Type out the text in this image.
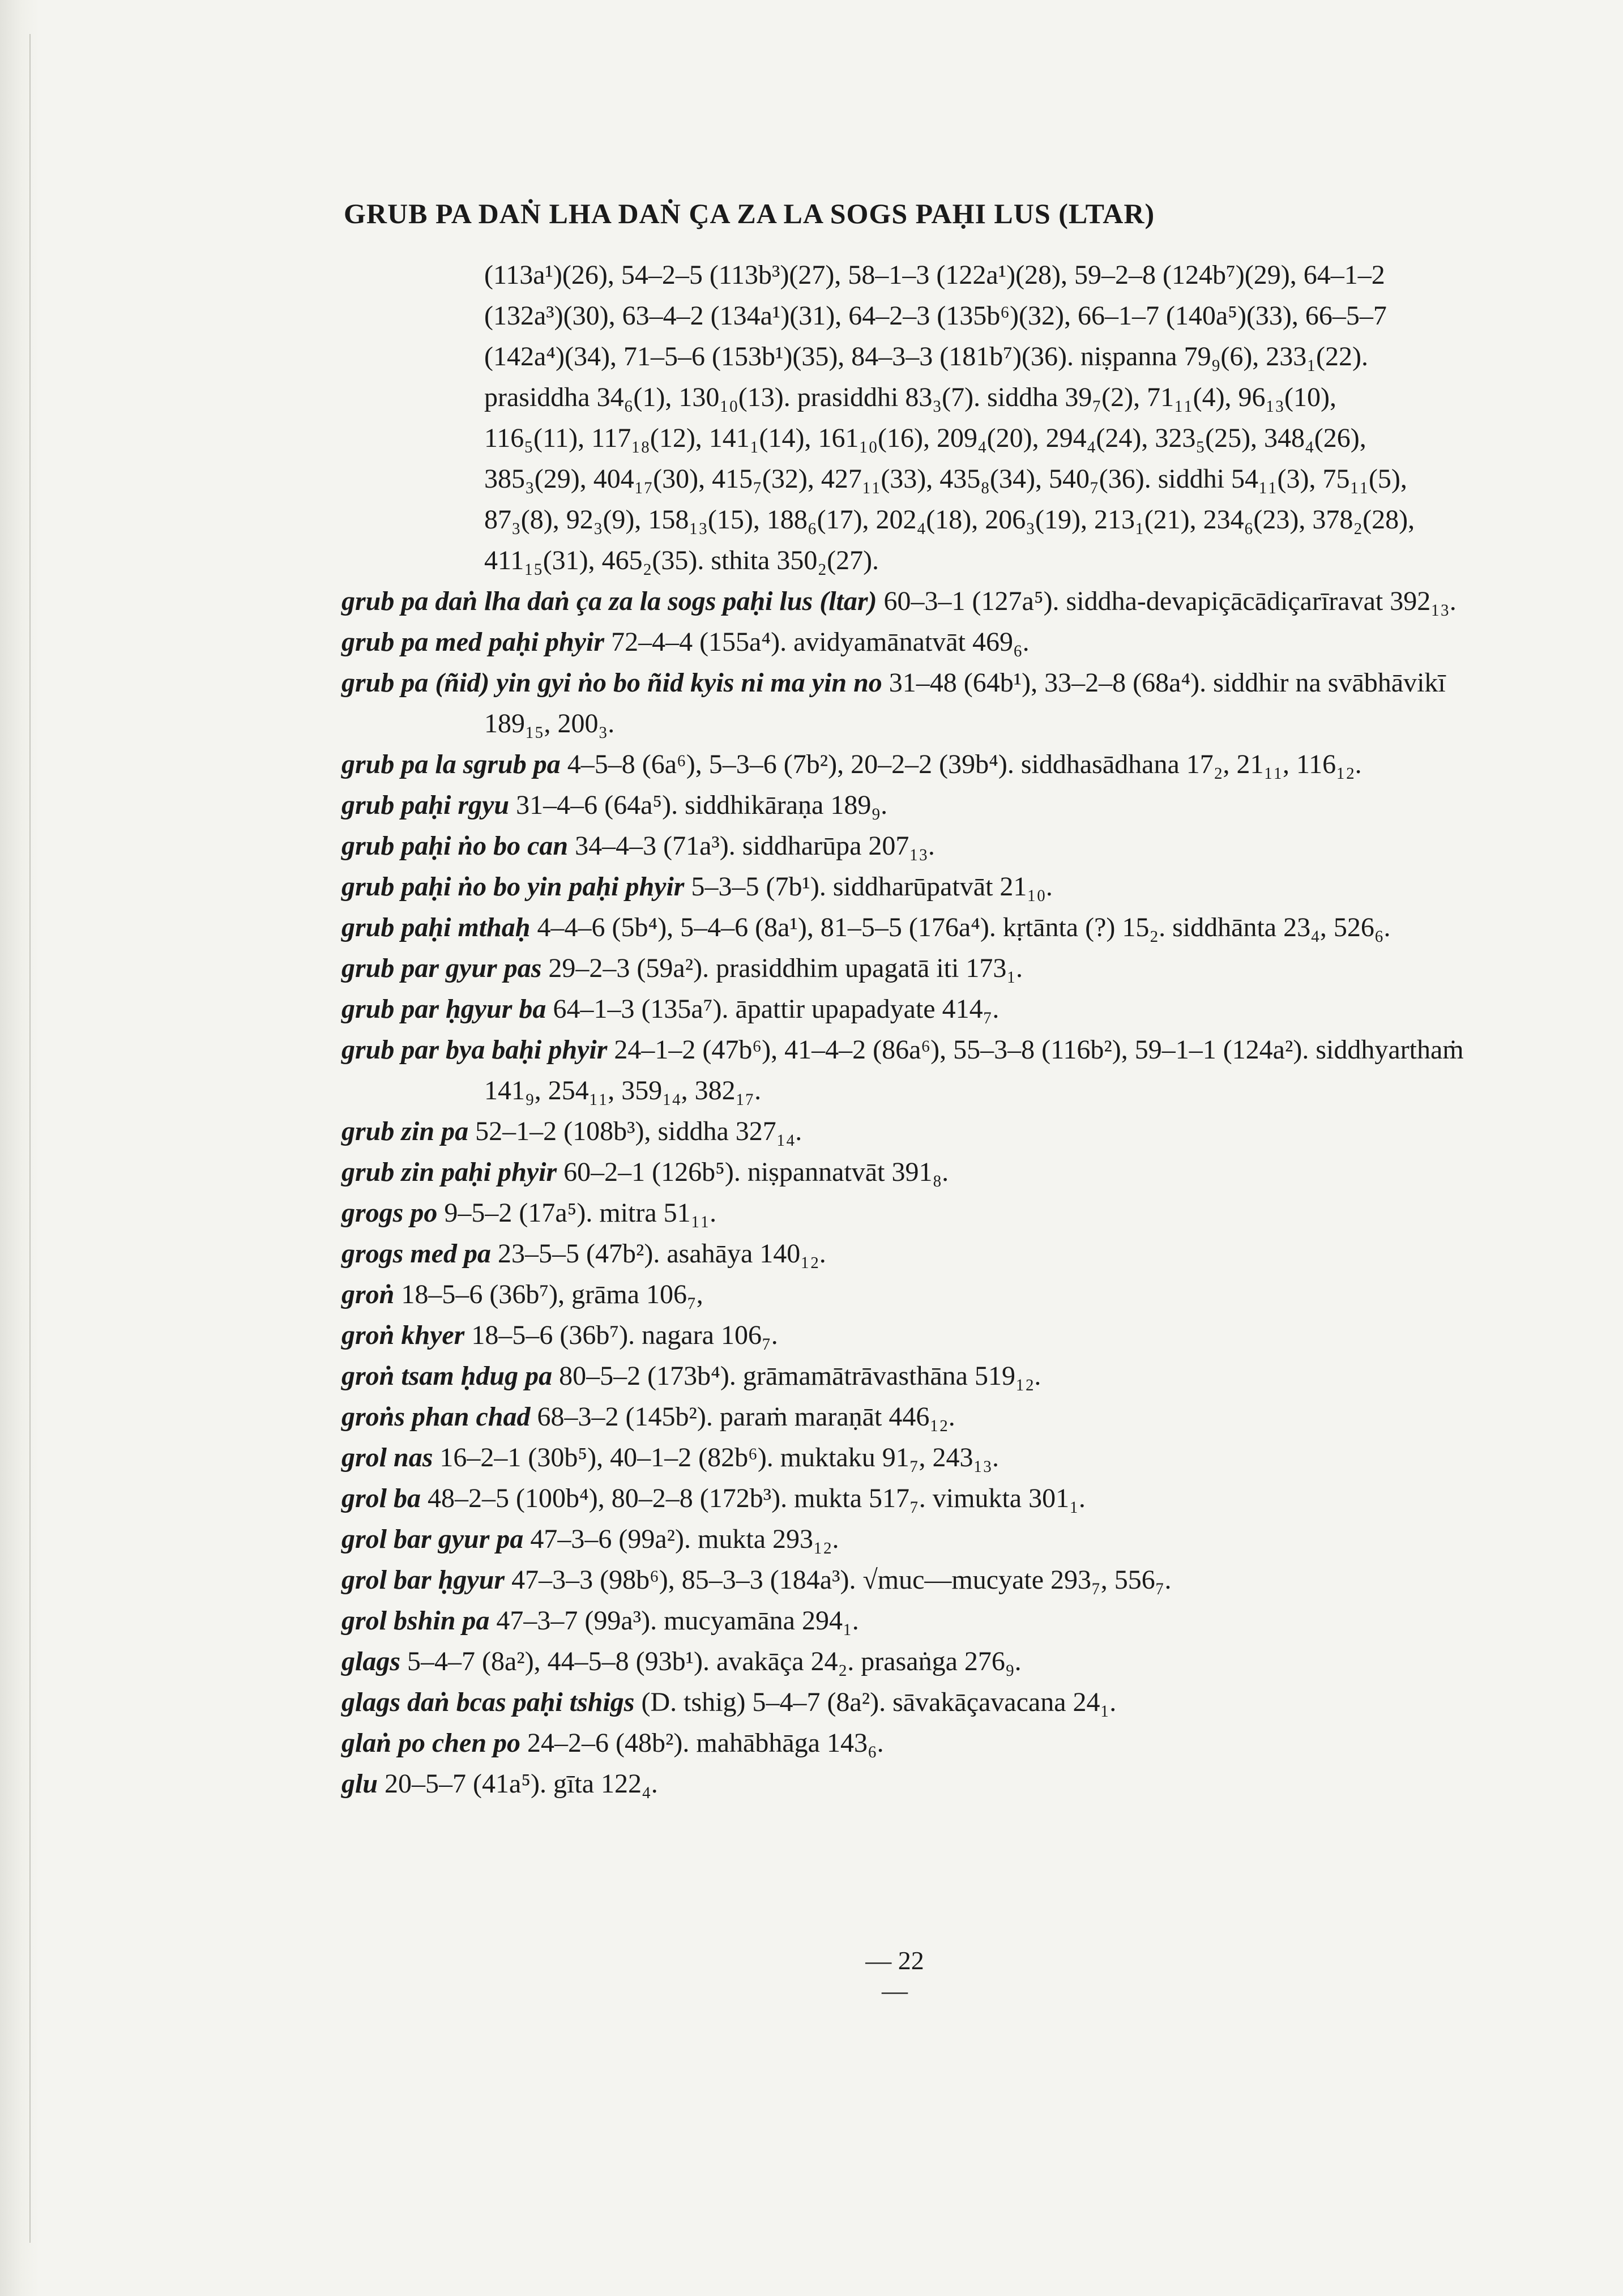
GRUB PA DAṄ LHA DAṄ ÇA ZA LA SOGS PAḤI LUS (LTAR)
(113a¹)(26), 54–2–5 (113b³)(27), 58–1–3 (122a¹)(28), 59–2–8 (124b⁷)(29), 64–1–2
(132a³)(30), 63–4–2 (134a¹)(31), 64–2–3 (135b⁶)(32), 66–1–7 (140a⁵)(33), 66–5–7
(142a⁴)(34), 71–5–6 (153b¹)(35), 84–3–3 (181b⁷)(36). niṣpanna 79₉(6), 233₁(22).
prasiddha 34₆(1), 130₁₀(13). prasiddhi 83₃(7). siddha 39₇(2), 71₁₁(4), 96₁₃(10),
116₅(11), 117₁₈(12), 141₁(14), 161₁₀(16), 209₄(20), 294₄(24), 323₅(25), 348₄(26),
385₃(29), 404₁₇(30), 415₇(32), 427₁₁(33), 435₈(34), 540₇(36). siddhi 54₁₁(3), 75₁₁(5),
87₃(8), 92₃(9), 158₁₃(15), 188₆(17), 202₄(18), 206₃(19), 213₁(21), 234₆(23), 378₂(28),
411₁₅(31), 465₂(35). sthita 350₂(27).
grub pa daṅ lha daṅ ça za la sogs paḥi lus (ltar) 60–3–1 (127a⁵). siddha-devapiçācādiçarīravat 392₁₃.
grub pa med paḥi phyir 72–4–4 (155a⁴). avidyamānatvāt 469₆.
grub pa (ñid) yin gyi ṅo bo ñid kyis ni ma yin no 31–48 (64b¹), 33–2–8 (68a⁴). siddhir na svābhāvikī 189₁₅, 200₃.
grub pa la sgrub pa 4–5–8 (6a⁶), 5–3–6 (7b²), 20–2–2 (39b⁴). siddhasādhana 17₂, 21₁₁, 116₁₂.
grub paḥi rgyu 31–4–6 (64a⁵). siddhikāraṇa 189₉.
grub paḥi ṅo bo can 34–4–3 (71a³). siddharūpa 207₁₃.
grub paḥi ṅo bo yin paḥi phyir 5–3–5 (7b¹). siddharūpatvāt 21₁₀.
grub paḥi mthaḥ 4–4–6 (5b⁴), 5–4–6 (8a¹), 81–5–5 (176a⁴). kṛtānta (?) 15₂. siddhānta 23₄, 526₆.
grub par gyur pas 29–2–3 (59a²). prasiddhim upagatā iti 173₁.
grub par ḥgyur ba 64–1–3 (135a⁷). āpattir upapadyate 414₇.
grub par bya baḥi phyir 24–1–2 (47b⁶), 41–4–2 (86a⁶), 55–3–8 (116b²), 59–1–1 (124a²). siddhyarthaṁ 141₉, 254₁₁, 359₁₄, 382₁₇.
grub zin pa 52–1–2 (108b³), siddha 327₁₄.
grub zin paḥi phyir 60–2–1 (126b⁵). niṣpannatvāt 391₈.
grogs po 9–5–2 (17a⁵). mitra 51₁₁.
grogs med pa 23–5–5 (47b²). asahāya 140₁₂.
groṅ 18–5–6 (36b⁷), grāma 106₇,
groṅ khyer 18–5–6 (36b⁷). nagara 106₇.
groṅ tsam ḥdug pa 80–5–2 (173b⁴). grāmamātrāvasthāna 519₁₂.
groṅs phan chad 68–3–2 (145b²). paraṁ maraṇāt 446₁₂.
grol nas 16–2–1 (30b⁵), 40–1–2 (82b⁶). muktaku 91₇, 243₁₃.
grol ba 48–2–5 (100b⁴), 80–2–8 (172b³). mukta 517₇. vimukta 301₁.
grol bar gyur pa 47–3–6 (99a²). mukta 293₁₂.
grol bar ḥgyur 47–3–3 (98b⁶), 85–3–3 (184a³). √muc—mucyate 293₇, 556₇.
grol bshin pa 47–3–7 (99a³). mucyamāna 294₁.
glags 5–4–7 (8a²), 44–5–8 (93b¹). avakāça 24₂. prasaṅga 276₉.
glags daṅ bcas paḥi tshigs (D. tshig) 5–4–7 (8a²). sāvakāçavacana 24₁.
glaṅ po chen po 24–2–6 (48b²). mahābhāga 143₆.
glu 20–5–7 (41a⁵). gīta 122₄.
— 22 —
